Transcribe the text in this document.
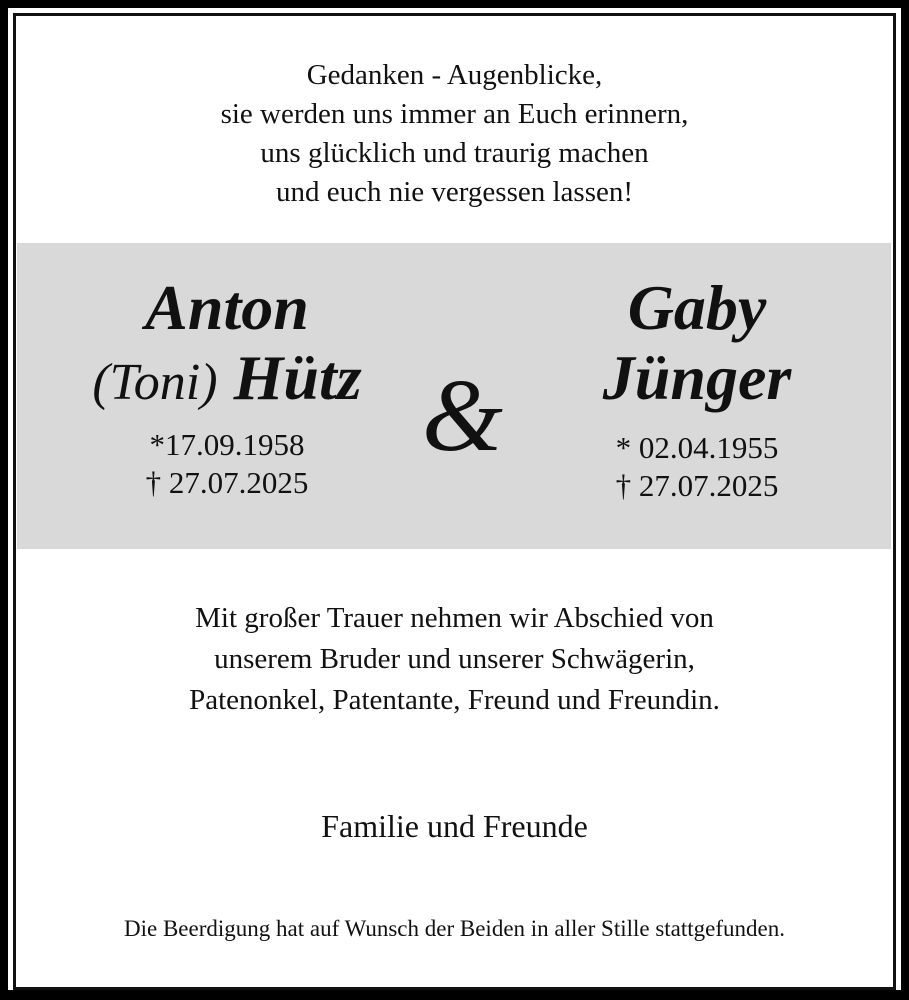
Gedanken - Augenblicke,
sie werden uns immer an Euch erinnern,
uns glücklich und traurig machen
und euch nie vergessen lassen!
Anton
(Toni) Hütz
*17.09.1958
† 27.07.2025
&
Gaby
Jünger
* 02.04.1955
† 27.07.2025
Mit großer Trauer nehmen wir Abschied von
unserem Bruder und unserer Schwägerin,
Patenonkel, Patentante, Freund und Freundin.
Familie und Freunde
Die Beerdigung hat auf Wunsch der Beiden in aller Stille stattgefunden.
